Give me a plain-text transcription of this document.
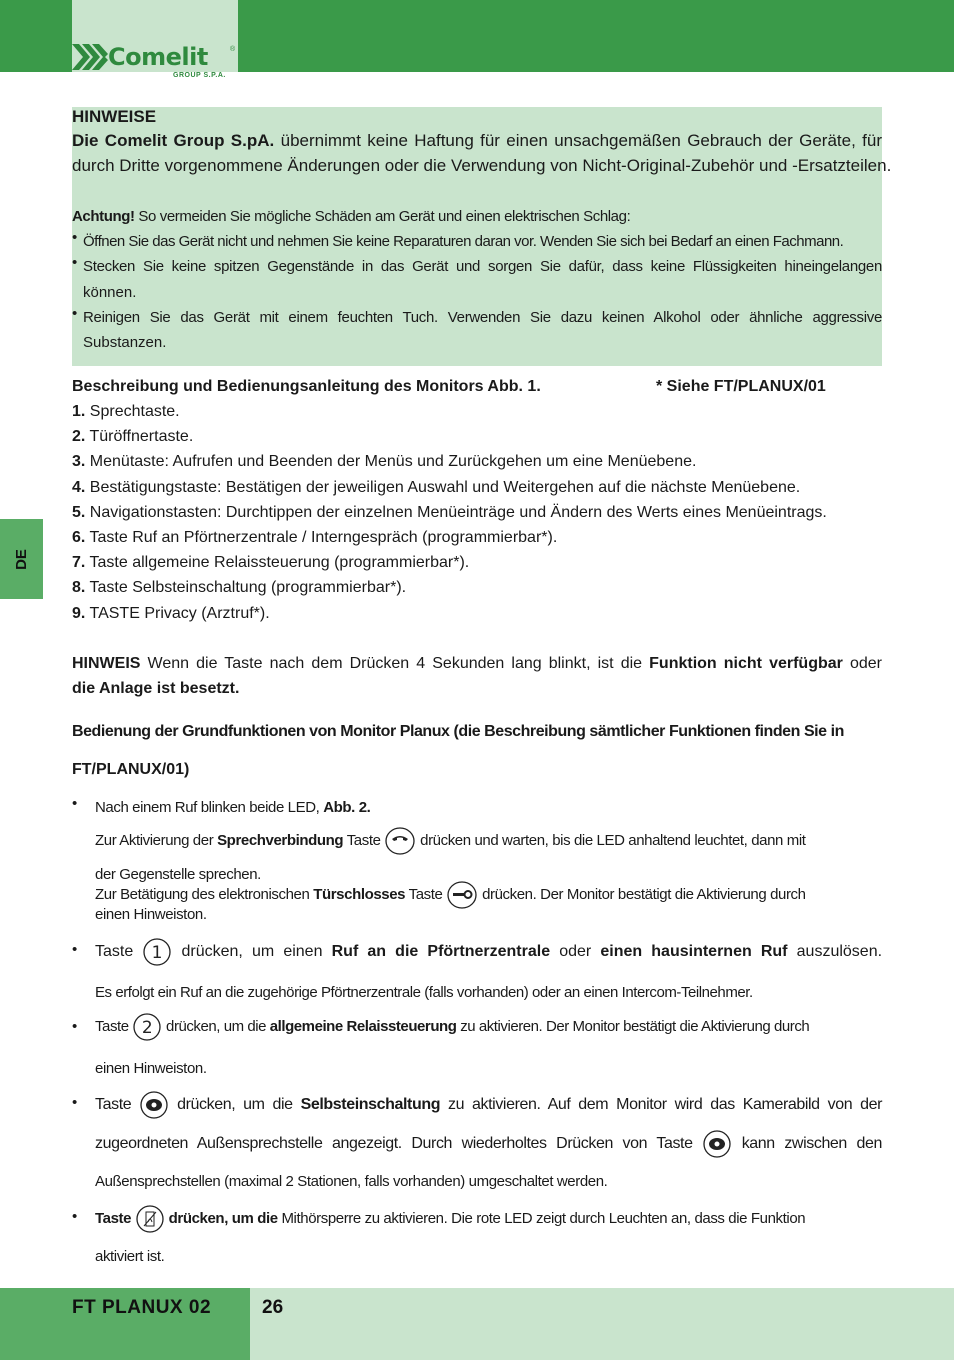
Comelit	®
GROUP S.P.A.
DE
HINWEISE
Die Comelit Group S.pA. übernimmt keine Haftung für einen unsachgemäßen Gebrauch der Geräte, für
durch Dritte vorgenommene Änderungen oder die Verwendung von Nicht-Original-Zubehör und -Ersatzteilen.
Achtung! So vermeiden Sie mögliche Schäden am Gerät und einen elektrischen Schlag:
• Öffnen Sie das Gerät nicht und nehmen Sie keine Reparaturen daran vor. Wenden Sie sich bei Bedarf an einen Fachmann.
• Stecken Sie keine spitzen Gegenstände in das Gerät und sorgen Sie dafür, dass keine Flüssigkeiten hineingelangen
können.
• Reinigen Sie das Gerät mit einem feuchten Tuch. Verwenden Sie dazu keinen Alkohol oder ähnliche aggressive
Substanzen.
Beschreibung und Bedienungsanleitung des Monitors Abb. 1.	* Siehe FT/PLANUX/01
1. Sprechtaste.
2. Türöffnertaste.
3. Menütaste: Aufrufen und Beenden der Menüs und Zurückgehen um eine Menüebene.
4. Bestätigungstaste: Bestätigen der jeweiligen Auswahl und Weitergehen auf die nächste Menüebene.
5. Navigationstasten: Durchtippen der einzelnen Menüeinträge und Ändern des Werts eines Menüeintrags.
6. Taste Ruf an Pförtnerzentrale / Interngespräch (programmierbar*).
7. Taste allgemeine Relaissteuerung (programmierbar*).
8. Taste Selbsteinschaltung (programmierbar*).
9. TASTE Privacy (Arztruf*).
HINWEIS Wenn die Taste nach dem Drücken 4 Sekunden lang blinkt, ist die Funktion nicht verfügbar oder
die Anlage ist besetzt.
Bedienung der Grundfunktionen von Monitor Planux (die Beschreibung sämtlicher Funktionen finden Sie in
FT/PLANUX/01)
• Nach einem Ruf blinken beide LED, Abb. 2.
Zur Aktivierung der Sprechverbindung Taste	drücken und warten, bis die LED anhaltend leuchtet, dann mit
der Gegenstelle sprechen.
Zur Betätigung des elektronischen Türschlosses Taste	drücken. Der Monitor bestätigt die Aktivierung durch
einen Hinweiston.
• Taste 1 drücken, um einen Ruf an die Pförtnerzentrale oder einen hausinternen Ruf auszulösen.
Es erfolgt ein Ruf an die zugehörige Pförtnerzentrale (falls vorhanden) oder an einen Intercom-Teilnehmer.
• Taste 2 drücken, um die allgemeine Relaissteuerung zu aktivieren. Der Monitor bestätigt die Aktivierung durch
einen Hinweiston.
• Taste	drücken, um die Selbsteinschaltung zu aktivieren. Auf dem Monitor wird das Kamerabild von der
zugeordneten Außensprechstelle angezeigt. Durch wiederholtes Drücken von Taste	kann zwischen den
Außensprechstellen (maximal 2 Stationen, falls vorhanden) umgeschaltet werden.
• Taste	drücken, um die Mithörsperre zu aktivieren. Die rote LED zeigt durch Leuchten an, dass die Funktion
aktiviert ist.
FT PLANUX 02	26
